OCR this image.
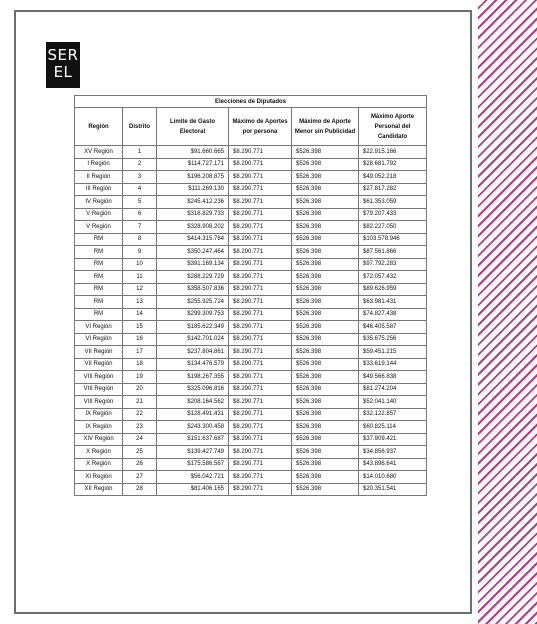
SER
EL
Elecciones de Diputados					
Región	Distrito	Límite de Gasto Electoral	Máximo de Aportes por persona	Máximo de Aporte Menor sin Publicidad	Máximo Aporte Personal del Candidato
XV Región	1	$91.660.665	$8.290.771	$526.398	$22.915.166
I Región	2	$114.727.171	$8.290.771	$526.398	$28.681.792
II Región	3	$196.208.875	$8.290.771	$526.398	$49.052.218
III Región	4	$111.269.130	$8.290.771	$526.398	$27.817.282
IV Región	5	$245.412.236	$8.290.771	$526.398	$61.353.059
V Región	6	$316.829.733	$8.290.771	$526.398	$79.207.433
V Región	7	$328.908.202	$8.290.771	$526.398	$82.227.050
RM	8	$414.315.784	$8.290.771	$526.398	$103.578.946
RM	9	$350.247.464	$8.290.771	$526.398	$87.561.866
RM	10	$391.169.134	$8.290.771	$526.398	$97.792.283
RM	11	$288.229.729	$8.290.771	$526.398	$72.057.432
RM	12	$358.507.836	$8.290.771	$526.398	$89.626.959
RM	13	$255.925.724	$8.290.771	$526.398	$63.981.431
RM	14	$299.309.753	$8.290.771	$526.398	$74.827.438
VI Región	15	$185.622.349	$8.290.771	$526.398	$46.405.587
VI Región	16	$142.701.024	$8.290.771	$526.398	$35.675.256
VII Región	17	$237.804.861	$8.290.771	$526.398	$59.451.215
VII Región	18	$134.476.579	$8.290.771	$526.398	$33.619.144
VIII Región	19	$198.267.355	$8.290.771	$526.398	$49.566.838
VIII Región	20	$325.096.816	$8.290.771	$526.398	$81.274.204
VIII Región	21	$208.164.562	$8.290.771	$526.398	$52.041.140
IX Región	22	$128.491.431	$8.290.771	$526.398	$32.122.857
IX Región	23	$243.300.458	$8.290.771	$526.398	$60.825.114
XIV Región	24	$151.637.687	$8.290.771	$526.398	$37.909.421
X Región	25	$139.427.749	$8.290.771	$526.398	$34.856.937
X Región	26	$175.586.567	$8.290.771	$526.398	$43.896.641
XI Región	27	$56.042.721	$8.290.771	$526.398	$14.010.680
XII Región	28	$81.406.165	$8.290.771	$526.398	$20.351.541
